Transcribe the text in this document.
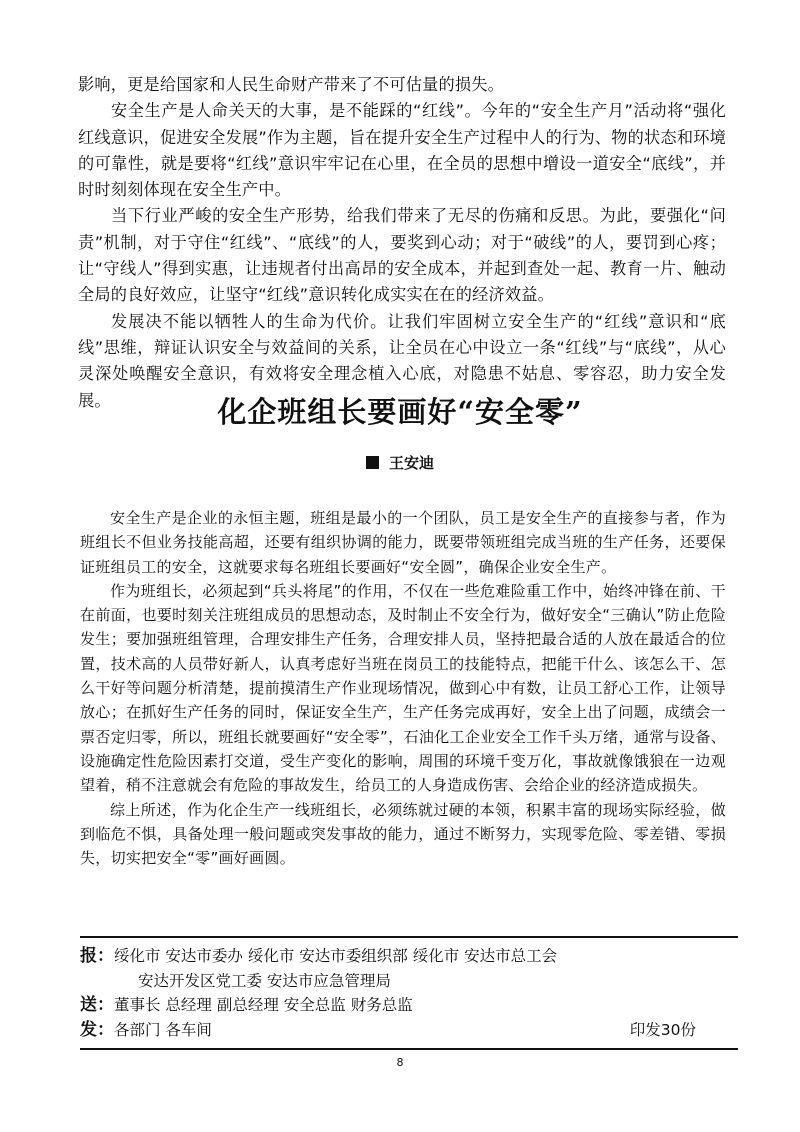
影响，更是给国家和人民生命财产带来了不可估量的损失。

安全生产是人命关天的大事，是不能踩的“红线”。今年的“安全生产月”活动将“强化红线意识，促进安全发展”作为主题，旨在提升安全生产过程中人的行为、物的状态和环境的可靠性，就是要将“红线”意识牢牢记在心里，在全员的思想中增设一道安全“底线”，并时时刻刻体现在安全生产中。

当下行业严峻的安全生产形势，给我们带来了无尽的伤痛和反思。为此，要强化“问责”机制，对于守住“红线”、“底线”的人，要奖到心动；对于“破线”的人，要罚到心疼；让“守线人”得到实惠，让违规者付出高昂的安全成本，并起到查处一起、教育一片、触动全局的良好效应，让坚守“红线”意识转化成实实在在的经济效益。

发展决不能以牺牲人的生命为代价。让我们牢固树立安全生产的“红线”意识和“底线”思维，辩证认识安全与效益间的关系，让全员在心中设立一条“红线”与“底线”，从心灵深处唤醒安全意识，有效将安全理念植入心底，对隐患不姑息、零容忍，助力安全发展。	化企班组长要画好“安全零”
王安迪

安全生产是企业的永恒主题，班组是最小的一个团队，员工是安全生产的直接参与者，作为班组长不但业务技能高超，还要有组织协调的能力，既要带领班组完成当班的生产任务，还要保证班组员工的安全，这就要求每名班组长要画好“安全圆”，确保企业安全生产。

作为班组长，必须起到“兵头将尾”的作用，不仅在一些危难险重工作中，始终冲锋在前、干在前面，也要时刻关注班组成员的思想动态，及时制止不安全行为，做好安全“三确认”防止危险发生；要加强班组管理，合理安排生产任务，合理安排人员，坚持把最合适的人放在最适合的位置，技术高的人员带好新人，认真考虑好当班在岗员工的技能特点，把能干什么、该怎么干、怎么干好等问题分析清楚，提前摸清生产作业现场情况，做到心中有数，让员工舒心工作，让领导放心；在抓好生产任务的同时，保证安全生产，生产任务完成再好，安全上出了问题，成绩会一票否定归零，所以，班组长就要画好“安全零”，石油化工企业安全工作千头万绪，通常与设备、设施确定性危险因素打交道，受生产变化的影响，周围的环境千变万化，事故就像饿狼在一边观望着，稍不注意就会有危险的事故发生，给员工的人身造成伤害、会给企业的经济造成损失。

综上所述，作为化企生产一线班组长，必须练就过硬的本领，积累丰富的现场实际经验，做到临危不惧，具备处理一般问题或突发事故的能力，通过不断努力，实现零危险、零差错、零损失，切实把安全“零”画好画圆。

报：绥化市 安达市委办 绥化市 安达市委组织部 绥化市 安达市总工会
安达开发区党工委 安达市应急管理局
送：董事长 总经理 副总经理 安全总监 财务总监
发：各部门 各车间	印发30份
8
